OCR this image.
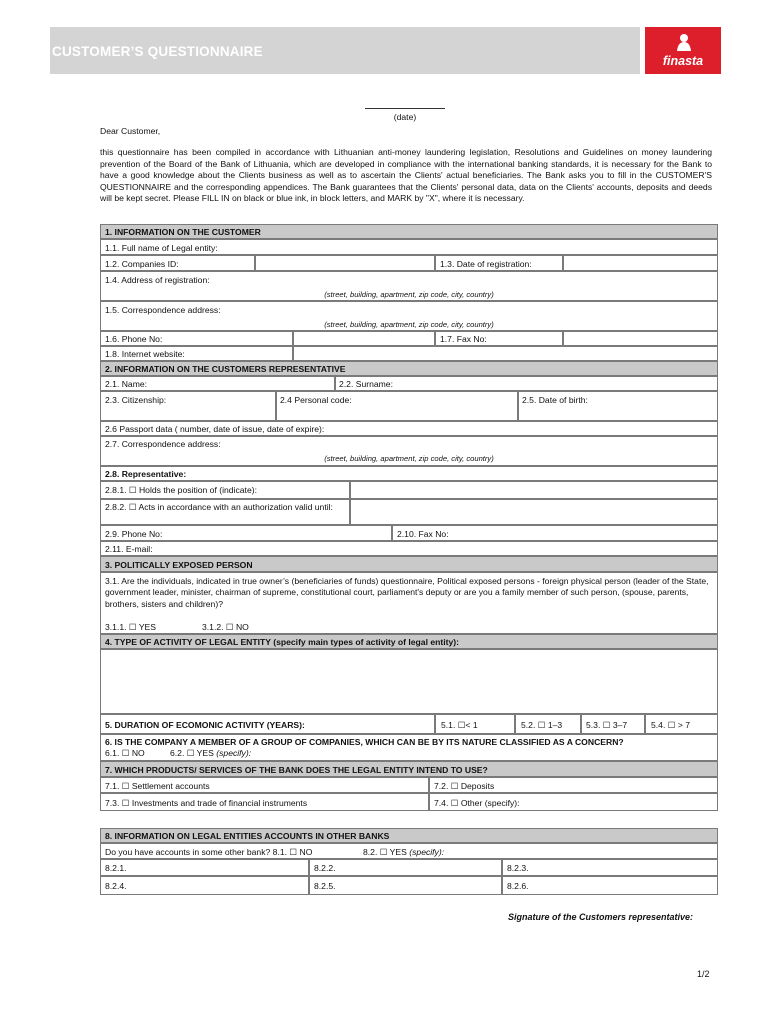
CUSTOMER’S QUESTIONNAIRE
finasta
(date)
Dear Customer,
this questionnaire has been compiled in accordance with Lithuanian anti-money laundering legislation, Resolutions and Guidelines on money laundering prevention of the Board of the Bank of Lithuania, which are developed in compliance with the international banking standards, it is necessary for the Bank to have a good knowledge about the Clients business as well as to ascertain the Clients' actual beneficiaries. The Bank asks you to fill in the CUSTOMER'S QUESTIONNAIRE and the corresponding appendices. The Bank guarantees that the Clients' personal data, data on the Clients' accounts, deposits and deeds will be kept secret. Please FILL IN on black or blue ink, in block letters, and MARK by "X", where it is necessary.
1. INFORMATION ON THE CUSTOMER
1.1. Full name of Legal entity:
1.2. Companies ID:	1.3. Date of registration:
1.4. Address of registration:
(street, building, apartment, zip code, city, country)
1.5. Correspondence address:
(street, building, apartment, zip code, city, country)
1.6. Phone No:	1.7. Fax No:
1.8. Internet website:
2. INFORMATION ON THE CUSTOMERS REPRESENTATIVE
2.1. Name:	2.2. Surname:
2.3. Citizenship:	2.4 Personal code:	2.5. Date of birth:
2.6 Passport data ( number, date of issue, date of expire):
2.7. Correspondence address:
(street, building, apartment, zip code, city, country)
2.8. Representative:
2.8.1. ☐ Holds the position of (indicate):
2.8.2. ☐ Acts in accordance with an authorization valid until:
2.9. Phone No:	2.10. Fax No:
2.11. E-mail:
3. POLITICALLY EXPOSED PERSON
3.1. Are the individuals, indicated in true owner’s (beneficiaries of funds) questionnaire, Political exposed persons - foreign physical person (leader of the State, government leader, minister, chairman of supreme, constitutional court, parliament's deputy or are you a family member of such person, (spouse, parents, brothers, sisters and children)?
3.1.1. ☐ YES	3.1.2. ☐ NO
4. TYPE OF ACTIVITY OF LEGAL ENTITY (specify main types of activity of legal entity):
5. DURATION OF ECOMONIC ACTIVITY (YEARS):	5.1. ☐< 1	5.2. ☐ 1–3	5.3. ☐ 3–7	5.4. ☐ > 7
6. IS THE COMPANY A MEMBER OF A GROUP OF COMPANIES, WHICH CAN BE BY ITS NATURE CLASSIFIED AS A CONCERN?
6.1. ☐ NO	6.2. ☐ YES (specify):
7. WHICH PRODUCTS/ SERVICES OF THE BANK DOES THE LEGAL ENTITY INTEND TO USE?
7.1. ☐ Settlement accounts	7.2. ☐ Deposits
7.3. ☐ Investments and trade of financial instruments	7.4. ☐ Other (specify):
8. INFORMATION ON LEGAL ENTITIES ACCOUNTS IN OTHER BANKS
Do you have accounts in some other bank? 8.1. ☐ NO	8.2. ☐ YES (specify):
8.2.1.	8.2.2.	8.2.3.
8.2.4.	8.2.5.	8.2.6.
Signature of the Customers representative:
1/2
